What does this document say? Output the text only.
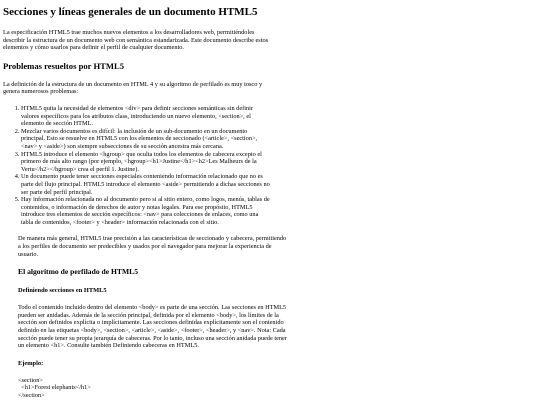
Secciones y líneas generales de un documento HTML5

La especificación HTML5 trae muchos nuevos elementos a los desarrolladores web, permitiéndoles describir la estructura de un documento web con semántica estandarizada. Este documento describe estos elementos y cómo usarlos para definir el perfil de cualquier documento.

Problemas resueltos por HTML5

La definición de la estructura de un documento en HTML 4 y su algoritmo de perfilado es muy tosco y genera numerosos problemas:

1. HTML5 quita la necesidad de elementos <div> para definir secciones semánticas sin definir valores específicos para los atributos class, introduciendo un nuevo elemento, <section>, el elemento de sección HTML.
2. Mezclar varios documentos es difícil: la inclusión de un sub-documento en un documento principal. Esto se resuelve en HTML5 con los elementos de seccionado (<article>, <section>, <nav> y <aside>) son siempre subsecciones de su sección ancestra más cercana.
3. HTML5 introduce el elemento <hgroup> que oculta todos los elementos de cabecera excepto el primero de más alto rango (por ejemplo, <hgroup><h1>Justine</h1><h2>Les Malheurs de la Vertu</h2></hgroup> crea el perfil 1. Justine).
4. Un documento puede tener secciones especiales conteniendo información relacionado que no es parte del flujo principal. HTML5 introduce el elemento <aside> permitiendo a dichas secciones no ser parte del perfil principal.
5. Hay información relacionada no al documento pero si al sitio entero, como logos, menús, tablas de contenidos, o información de derechos de autor y notas legales. Para ese propósito, HTML5 introduce tres elementos de sección específicos: <nav> para colecciones de enlaces, como una tabla de contenidos, <footer> y <header> información relacionada con el sitio.

De manera más general, HTML5 trae precisión a las características de seccionado y cabecera, permitiendo a los perfiles de documento ser predecibles y usados por el navegador para mejorar la experiencia de usuario.

El algoritmo de perfilado de HTML5
Definiendo secciones en HTML5

Todo el contenido incluido dentro del elemento <body> es parte de una sección. Las secciones en HTML5 pueden ser anidadas. Además de la sección principal, definida por el elemento <body>, los límites de la sección son definidos explícita o implícitamente. Las secciones definidas explícitamente son el contenido definido en las etiquetas <body>, <section>, <article>, <aside>, <footer>, <header>, y <nav>. Nota: Cada sección puede tener su propia jerarquía de cabeceras. Por lo tanto, incluso una sección anidada puede tener un elemento <h1>. Consulte también Definiendo cabeceras en HTML5.

Ejemplo:
<section>
<h1>Forest elephants</h1>
</section>
